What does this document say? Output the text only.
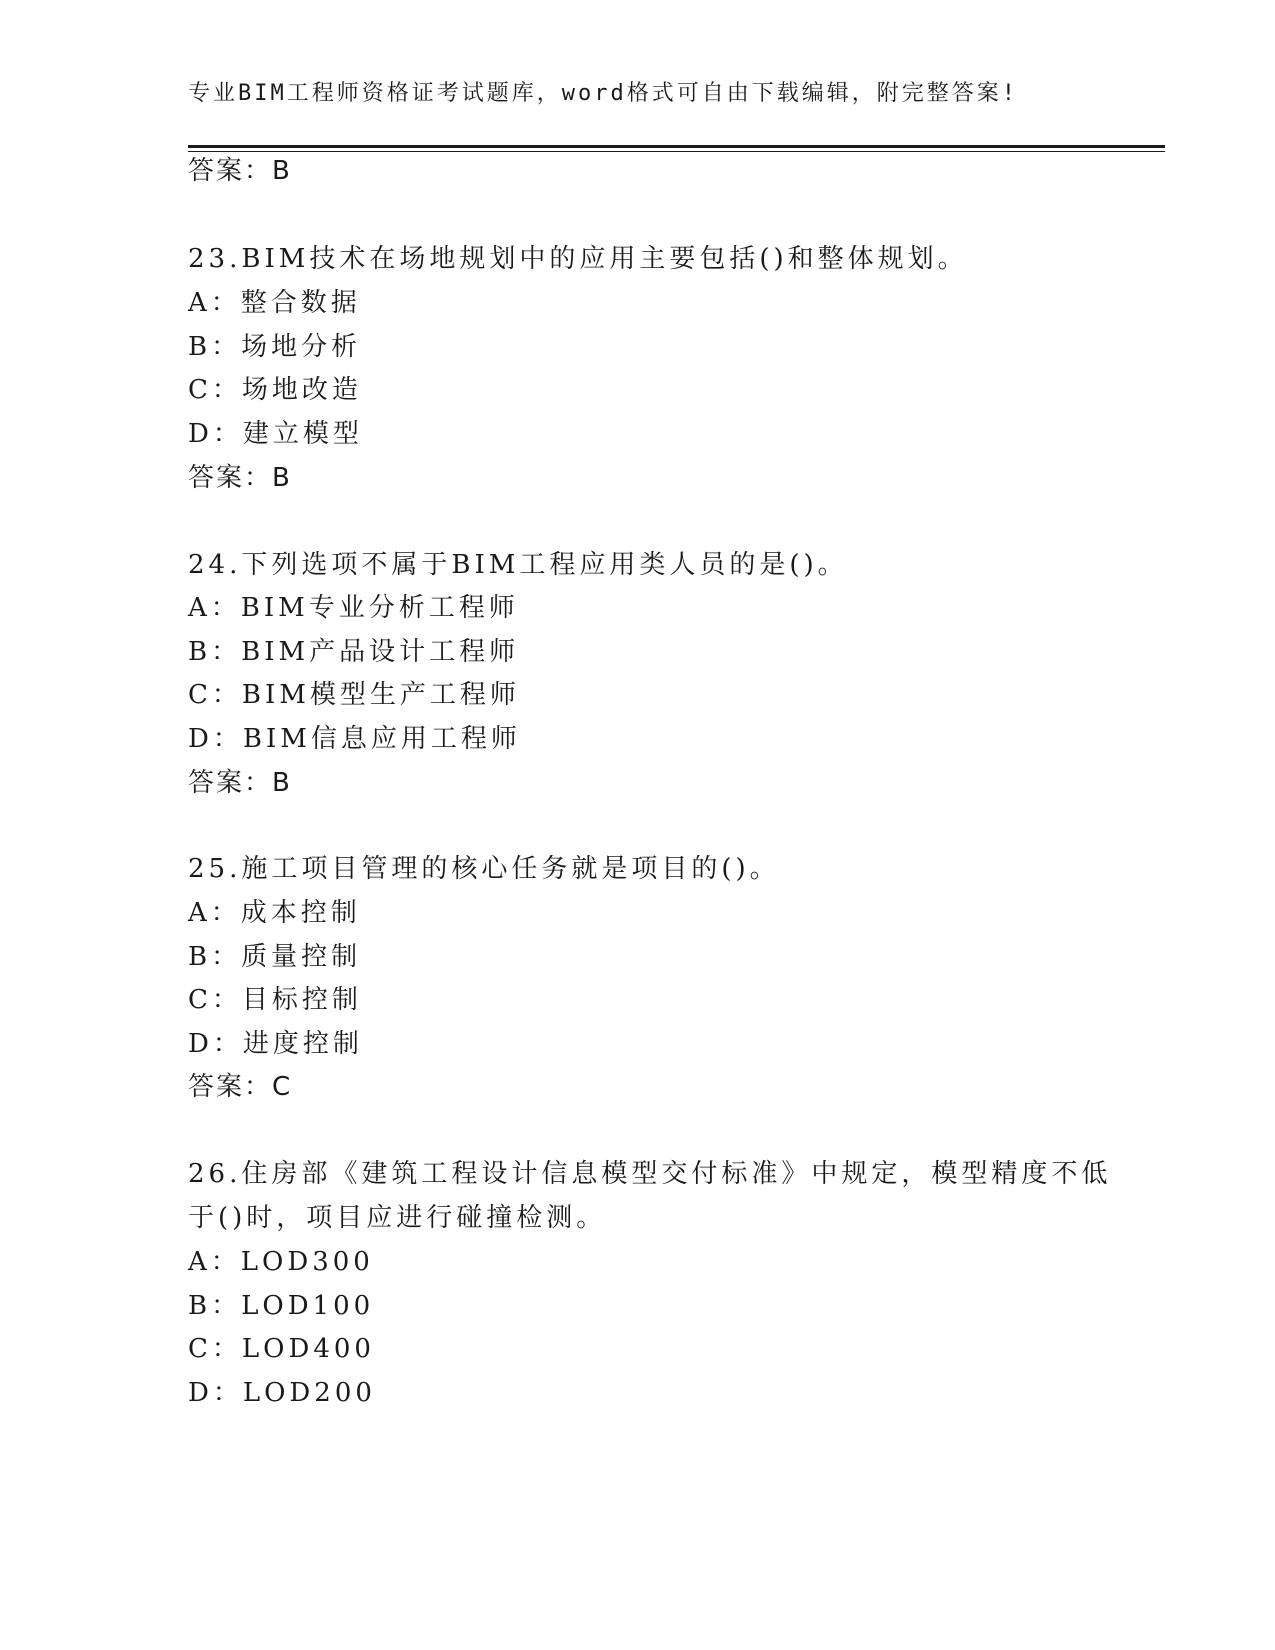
专业BIM工程师资格证考试题库，word格式可自由下载编辑，附完整答案!
答案：B
23.BIM技术在场地规划中的应用主要包括()和整体规划。
A：整合数据
B：场地分析
C：场地改造
D：建立模型
答案：B
24.下列选项不属于BIM工程应用类人员的是()。
A：BIM专业分析工程师
B：BIM产品设计工程师
C：BIM模型生产工程师
D：BIM信息应用工程师
答案：B
25.施工项目管理的核心任务就是项目的()。
A：成本控制
B：质量控制
C：目标控制
D：进度控制
答案：C
26.住房部《建筑工程设计信息模型交付标准》中规定，模型精度不低
于()时，项目应进行碰撞检测。
A：LOD300
B：LOD100
C：LOD400
D：LOD200
